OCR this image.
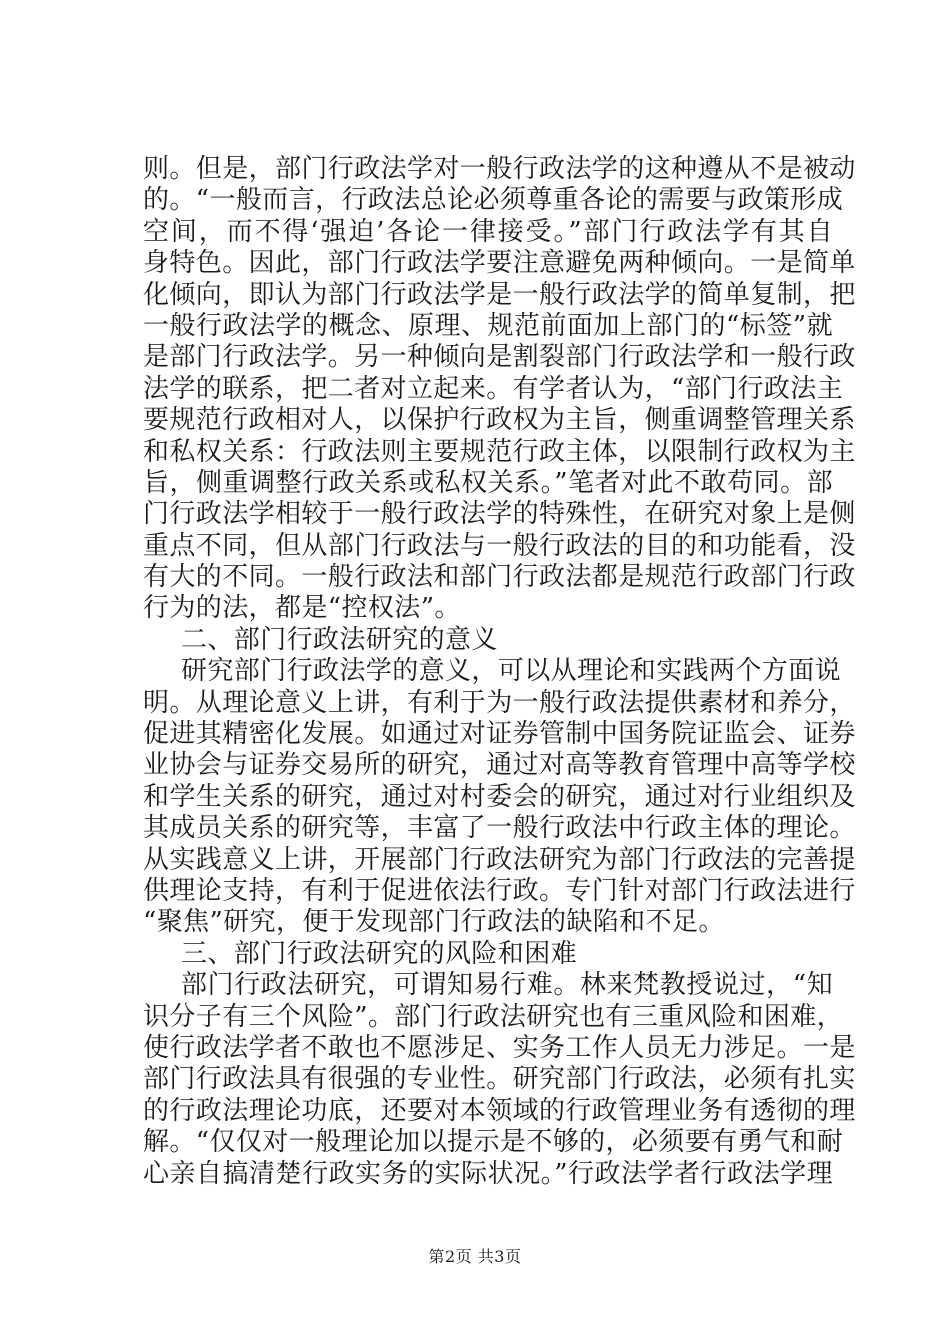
则。但是，部门行政法学对一般行政法学的这种遵从不是被动
的。“一般而言，行政法总论必须尊重各论的需要与政策形成
空间，而不得‘强迫’各论一律接受。”部门行政法学有其自
身特色。因此，部门行政法学要注意避免两种倾向。一是简单
化倾向，即认为部门行政法学是一般行政法学的简单复制，把
一般行政法学的概念、原理、规范前面加上部门的“标签”就
是部门行政法学。另一种倾向是割裂部门行政法学和一般行政
法学的联系，把二者对立起来。有学者认为，“部门行政法主
要规范行政相对人，以保护行政权为主旨，侧重调整管理关系
和私权关系：行政法则主要规范行政主体，以限制行政权为主
旨，侧重调整行政关系或私权关系。”笔者对此不敢苟同。部
门行政法学相较于一般行政法学的特殊性，在研究对象上是侧
重点不同，但从部门行政法与一般行政法的目的和功能看，没
有大的不同。一般行政法和部门行政法都是规范行政部门行政
行为的法，都是“控权法”。
二、部门行政法研究的意义
研究部门行政法学的意义，可以从理论和实践两个方面说
明。从理论意义上讲，有利于为一般行政法提供素材和养分，
促进其精密化发展。如通过对证券管制中国务院证监会、证券
业协会与证券交易所的研究，通过对高等教育管理中高等学校
和学生关系的研究，通过对村委会的研究，通过对行业组织及
其成员关系的研究等，丰富了一般行政法中行政主体的理论。
从实践意义上讲，开展部门行政法研究为部门行政法的完善提
供理论支持，有利于促进依法行政。专门针对部门行政法进行
“聚焦”研究，便于发现部门行政法的缺陷和不足。
三、部门行政法研究的风险和困难
部门行政法研究，可谓知易行难。林来梵教授说过，“知
识分子有三个风险”。部门行政法研究也有三重风险和困难，
使行政法学者不敢也不愿涉足、实务工作人员无力涉足。一是
部门行政法具有很强的专业性。研究部门行政法，必须有扎实
的行政法理论功底，还要对本领域的行政管理业务有透彻的理
解。“仅仅对一般理论加以提示是不够的，必须要有勇气和耐
心亲自搞清楚行政实务的实际状况。”行政法学者行政法学理
第2页 共3页
